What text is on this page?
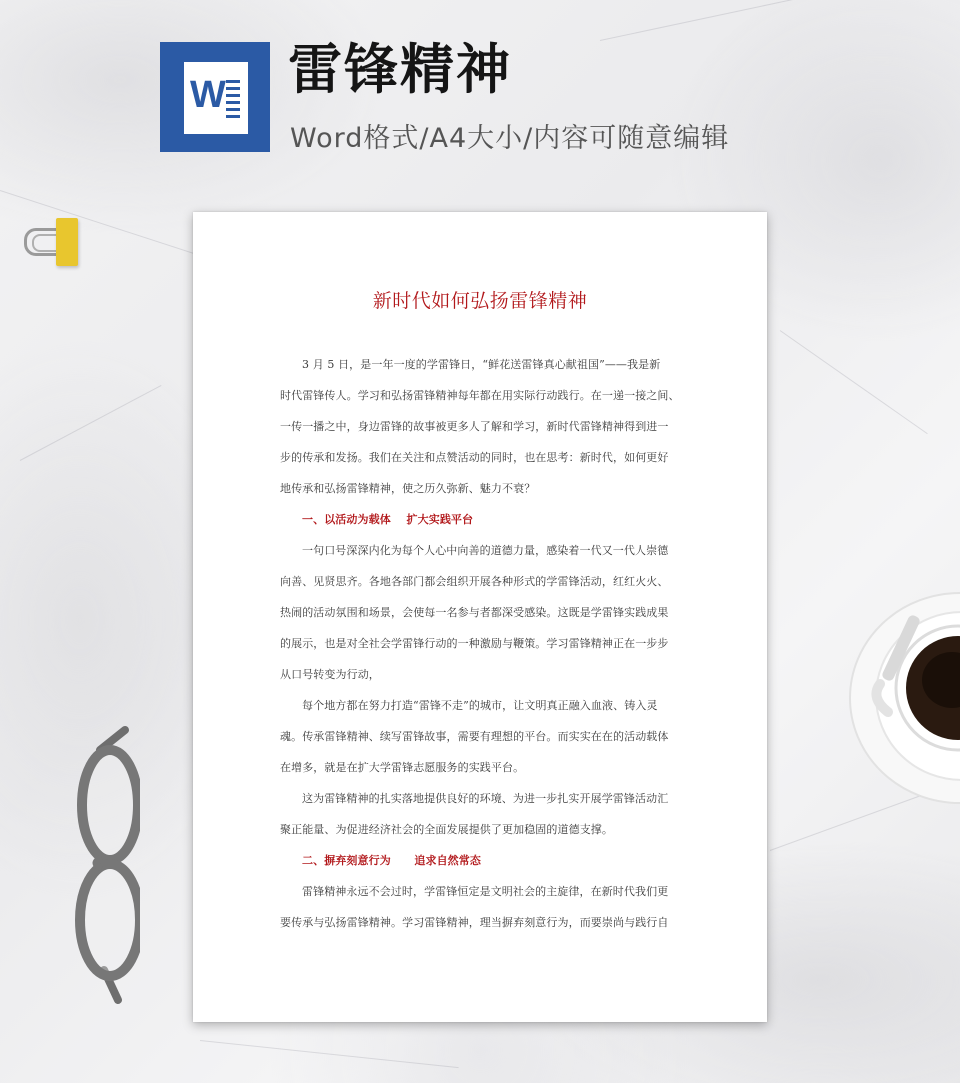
W 雷锋精神
Word格式/A4大小/内容可随意编辑
新时代如何弘扬雷锋精神
3 月 5 日，是一年一度的学雷锋日，“鲜花送雷锋真心献祖国”——我是新
时代雷锋传人。学习和弘扬雷锋精神每年都在用实际行动践行。在一递一接之间、
一传一播之中，身边雷锋的故事被更多人了解和学习，新时代雷锋精神得到进一
步的传承和发扬。我们在关注和点赞活动的同时，也在思考：新时代，如何更好
地传承和弘扬雷锋精神，使之历久弥新、魅力不衰？
一、以活动为载体    扩大实践平台
一句口号深深内化为每个人心中向善的道德力量，感染着一代又一代人崇德
向善、见贤思齐。各地各部门都会组织开展各种形式的学雷锋活动，红红火火、
热闹的活动氛围和场景，会使每一名参与者都深受感染。这既是学雷锋实践成果
的展示，也是对全社会学雷锋行动的一种激励与鞭策。学习雷锋精神正在一步步
从口号转变为行动，
每个地方都在努力打造“雷锋不走”的城市，让文明真正融入血液、铸入灵
魂。传承雷锋精神、续写雷锋故事，需要有理想的平台。而实实在在的活动载体
在增多，就是在扩大学雷锋志愿服务的实践平台。
这为雷锋精神的扎实落地提供良好的环境、为进一步扎实开展学雷锋活动汇
聚正能量、为促进经济社会的全面发展提供了更加稳固的道德支撑。
二、摒弃刻意行为      追求自然常态
雷锋精神永远不会过时，学雷锋恒定是文明社会的主旋律，在新时代我们更
要传承与弘扬雷锋精神。学习雷锋精神，理当摒弃刻意行为，而要崇尚与践行自
